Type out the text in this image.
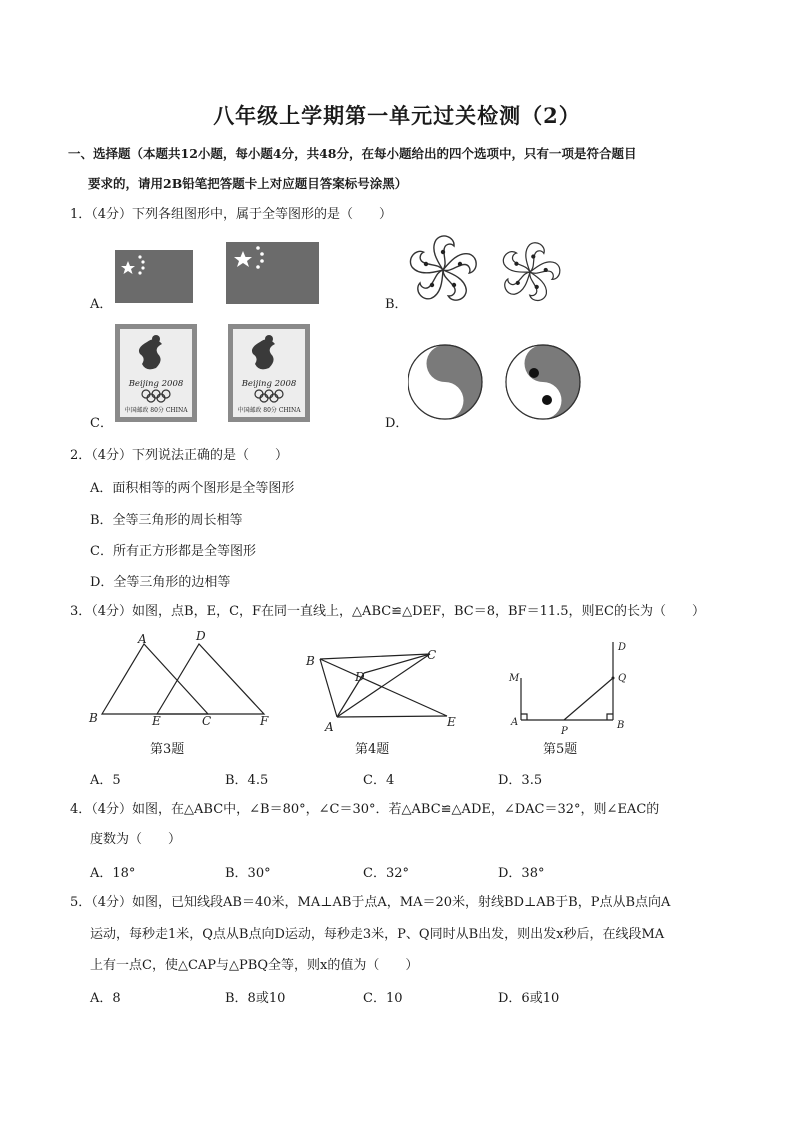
八年级上学期第一单元过关检测（2）
一、选择题（本题共12小题，每小题4分，共48分，在每小题给出的四个选项中，只有一项是符合题目
要求的，请用2B铅笔把答题卡上对应题目答案标号涂黑）
1．（4分）下列各组图形中，属于全等图形的是（　　）
A．	B．
C．	D．
Beijing 2008
中国邮政 80分 CHINA
Beijing 2008
中国邮政 80分 CHINA
2．（4分）下列说法正确的是（　　）
A．面积相等的两个图形是全等图形
B．全等三角形的周长相等
C．所有正方形都是全等图形
D．全等三角形的边相等
3．（4分）如图，点B，E，C，F在同一直线上，△ABC≌△DEF，BC＝8，BF＝11.5，则EC的长为（　　）
A	D
B	E	C	F
第3题
B	C
D
A	E
第4题
D
M	Q
A
P
B
第5题
A．5	B．4.5	C．4	D．3.5
4．（4分）如图，在△ABC中，∠B＝80°，∠C＝30°．若△ABC≌△ADE，∠DAC＝32°，则∠EAC的
度数为（　　）
A．18°	B．30°	C．32°	D．38°
5．（4分）如图，已知线段AB＝40米，MA⊥AB于点A，MA＝20米，射线BD⊥AB于B，P点从B点向A
运动，每秒走1米，Q点从B点向D运动，每秒走3米，P、Q同时从B出发，则出发x秒后，在线段MA
上有一点C，使△CAP与△PBQ全等，则x的值为（　　）
A．8	B．8或10	C．10	D．6或10
